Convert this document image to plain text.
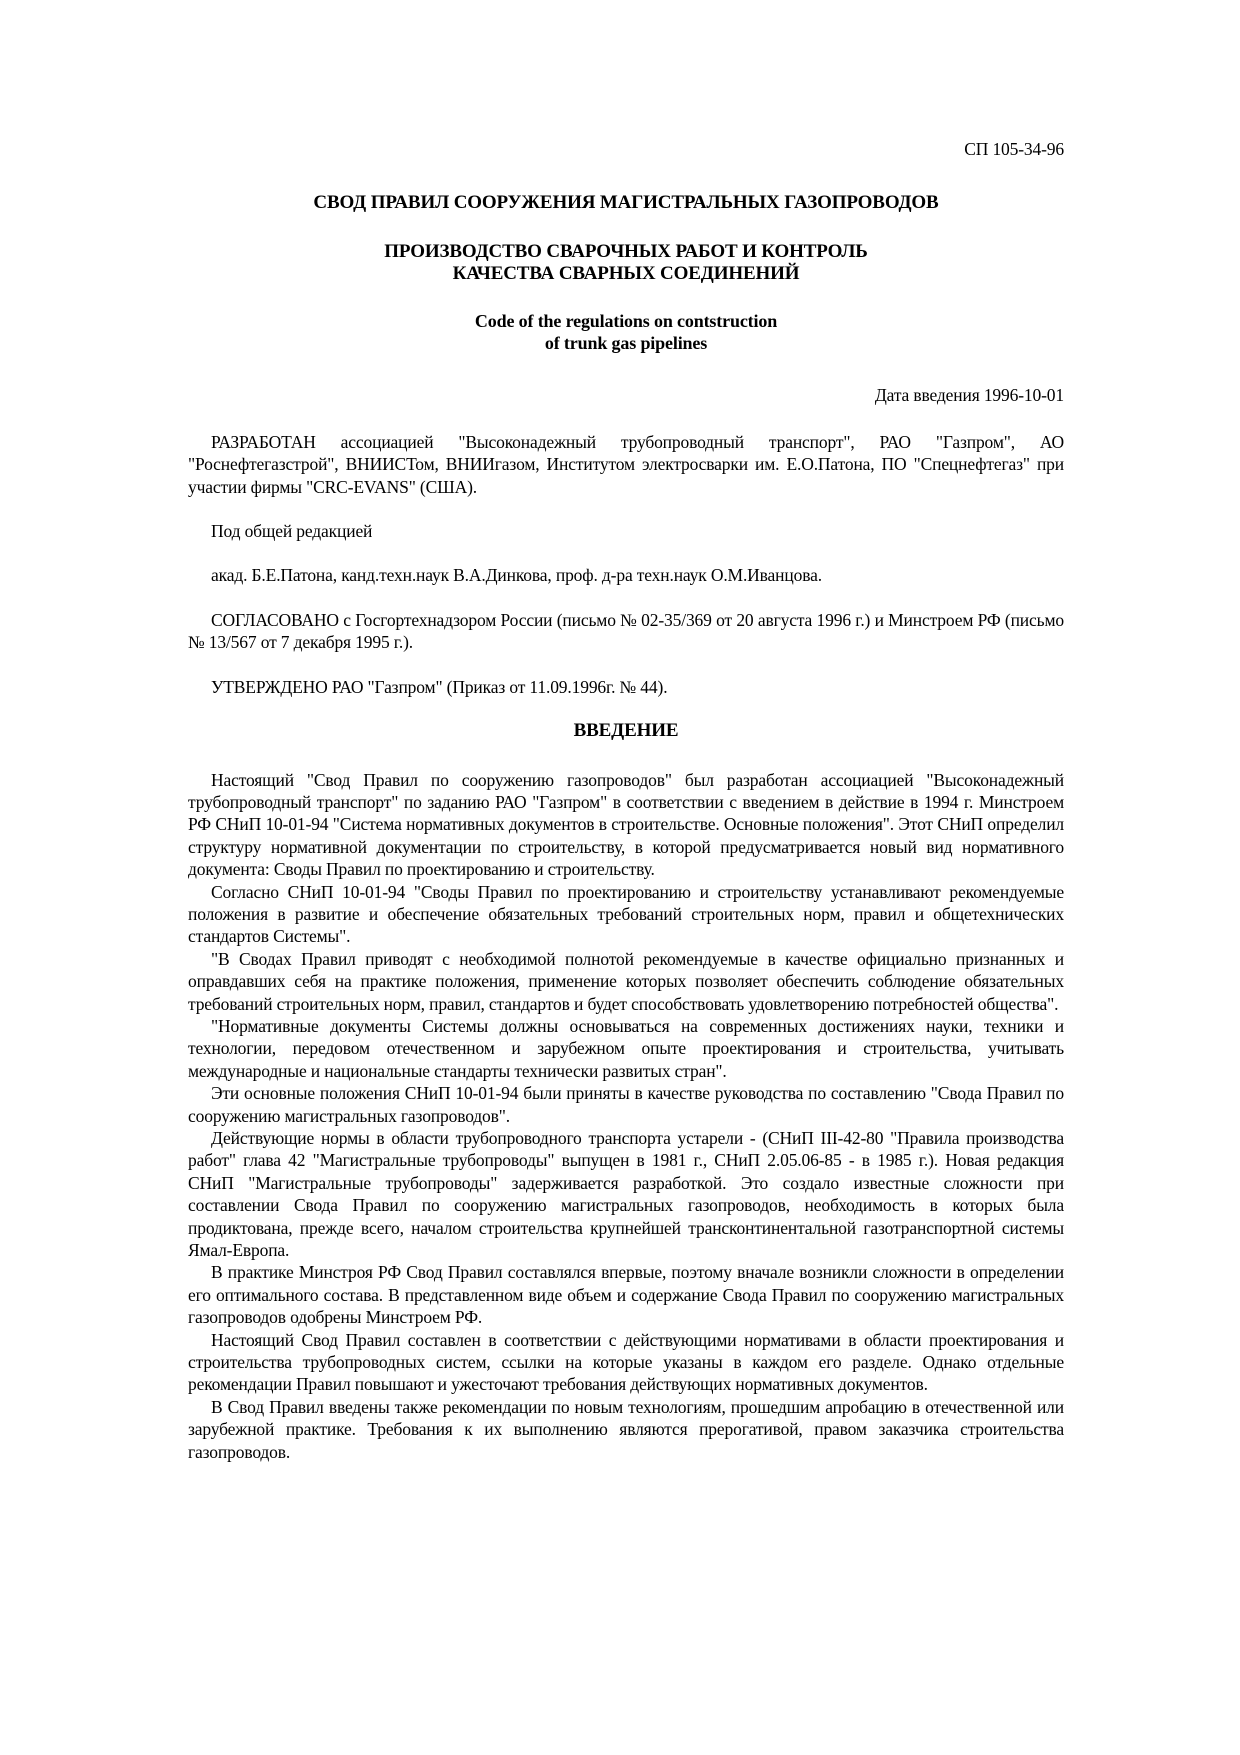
СП 105-34-96
СВОД ПРАВИЛ СООРУЖЕНИЯ МАГИСТРАЛЬНЫХ ГАЗОПРОВОДОВ
ПРОИЗВОДСТВО СВАРОЧНЫХ РАБОТ И КОНТРОЛЬ
КАЧЕСТВА СВАРНЫХ СОЕДИНЕНИЙ
Code of the regulations on contstruction
of trunk gas pipelines
Дата введения 1996-10-01

РАЗРАБОТАН ассоциацией "Высоконадежный трубопроводный транспорт", РАО "Газпром", АО "Роснефтегазстрой", ВНИИСТом, ВНИИгазом, Институтом электросварки им. Е.О.Патона, ПО "Спецнефтегаз" при участии фирмы "CRC-EVANS" (США).

Под общей редакцией

акад. Б.Е.Патона, канд.техн.наук В.А.Динкова, проф. д-ра техн.наук О.М.Иванцова.

СОГЛАСОВАНО с Госгортехнадзором России (письмо № 02-35/369 от 20 августа 1996 г.) и Минстроем РФ (письмо № 13/567 от 7 декабря 1995 г.).

УТВЕРЖДЕНО РАО "Газпром" (Приказ от 11.09.1996г. № 44).

ВВЕДЕНИЕ

Настоящий "Свод Правил по сооружению газопроводов" был разработан ассоциацией "Высоконадежный трубопроводный транспорт" по заданию РАО "Газпром" в соответствии с введением в действие в 1994 г. Минстроем РФ СНиП 10-01-94 "Система нормативных документов в строительстве. Основные положения". Этот СНиП определил структуру нормативной документации по строительству, в которой предусматривается новый вид нормативного документа: Своды Правил по проектированию и строительству.

Согласно СНиП 10-01-94 "Своды Правил по проектированию и строительству устанавливают рекомендуемые положения в развитие и обеспечение обязательных требований строительных норм, правил и общетехнических стандартов Системы".

"В Сводах Правил приводят с необходимой полнотой рекомендуемые в качестве официально признанных и оправдавших себя на практике положения, применение которых позволяет обеспечить соблюдение обязательных требований строительных норм, правил, стандартов и будет способствовать удовлетворению потребностей общества".

"Нормативные документы Системы должны основываться на современных достижениях науки, техники и технологии, передовом отечественном и зарубежном опыте проектирования и строительства, учитывать международные и национальные стандарты технически развитых стран".

Эти основные положения СНиП 10-01-94 были приняты в качестве руководства по составлению "Свода Правил по сооружению магистральных газопроводов".

Действующие нормы в области трубопроводного транспорта устарели - (СНиП III-42-80 "Правила производства работ" глава 42 "Магистральные трубопроводы" выпущен в 1981 г., СНиП 2.05.06-85 - в 1985 г.). Новая редакция СНиП "Магистральные трубопроводы" задерживается разработкой. Это создало известные сложности при составлении Свода Правил по сооружению магистральных газопроводов, необходимость в которых была продиктована, прежде всего, началом строительства крупнейшей трансконтинентальной газотранспортной системы Ямал-Европа.

В практике Минстроя РФ Свод Правил составлялся впервые, поэтому вначале возникли сложности в определении его оптимального состава. В представленном виде объем и содержание Свода Правил по сооружению магистральных газопроводов одобрены Минстроем РФ.

Настоящий Свод Правил составлен в соответствии с действующими нормативами в области проектирования и строительства трубопроводных систем, ссылки на которые указаны в каждом его разделе. Однако отдельные рекомендации Правил повышают и ужесточают требования действующих нормативных документов.

В Свод Правил введены также рекомендации по новым технологиям, прошедшим апробацию в отечественной или зарубежной практике. Требования к их выполнению являются прерогативой, правом заказчика строительства газопроводов.
